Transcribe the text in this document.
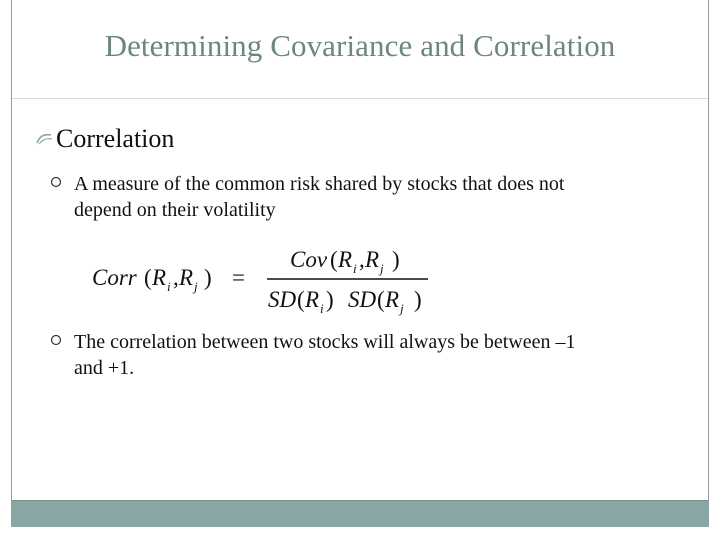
Determining Covariance and Correlation
Correlation
A measure of the common risk shared by stocks that does not
depend on their volatility
Corr ( R i , R j ) =
Cov ( R i , R j )
SD ( R i ) SD ( R j )
The correlation between two stocks will always be between –1
and +1.
